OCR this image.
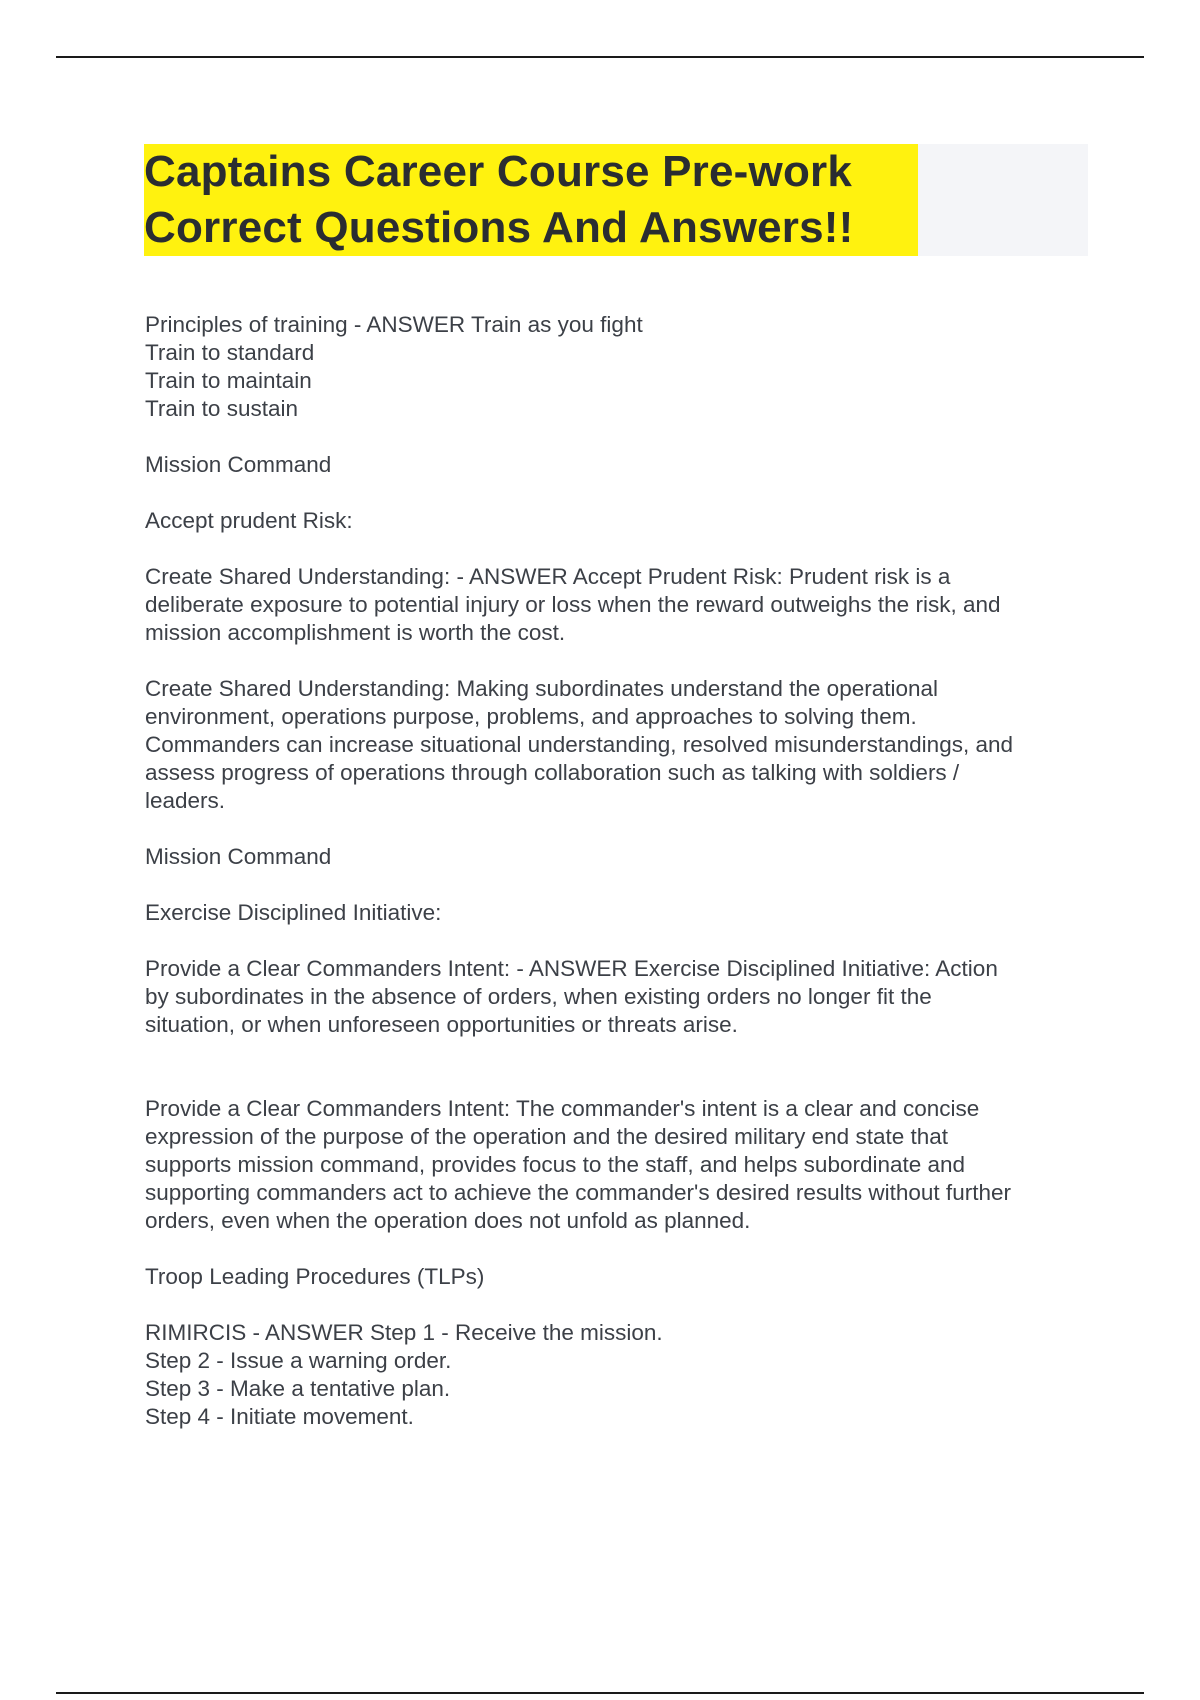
Captains Career Course Pre-work
Correct Questions And Answers!!
Principles of training - ANSWER Train as you fight
Train to standard
Train to maintain
Train to sustain
Mission Command
Accept prudent Risk:
Create Shared Understanding: - ANSWER Accept Prudent Risk: Prudent risk is a
deliberate exposure to potential injury or loss when the reward outweighs the risk, and
mission accomplishment is worth the cost.
Create Shared Understanding: Making subordinates understand the operational
environment, operations purpose, problems, and approaches to solving them.
Commanders can increase situational understanding, resolved misunderstandings, and
assess progress of operations through collaboration such as talking with soldiers /
leaders.
Mission Command
Exercise Disciplined Initiative:
Provide a Clear Commanders Intent: - ANSWER Exercise Disciplined Initiative: Action
by subordinates in the absence of orders, when existing orders no longer fit the
situation, or when unforeseen opportunities or threats arise.
Provide a Clear Commanders Intent: The commander's intent is a clear and concise
expression of the purpose of the operation and the desired military end state that
supports mission command, provides focus to the staff, and helps subordinate and
supporting commanders act to achieve the commander's desired results without further
orders, even when the operation does not unfold as planned.
Troop Leading Procedures (TLPs)
RIMIRCIS - ANSWER Step 1 - Receive the mission.
Step 2 - Issue a warning order.
Step 3 - Make a tentative plan.
Step 4 - Initiate movement.
